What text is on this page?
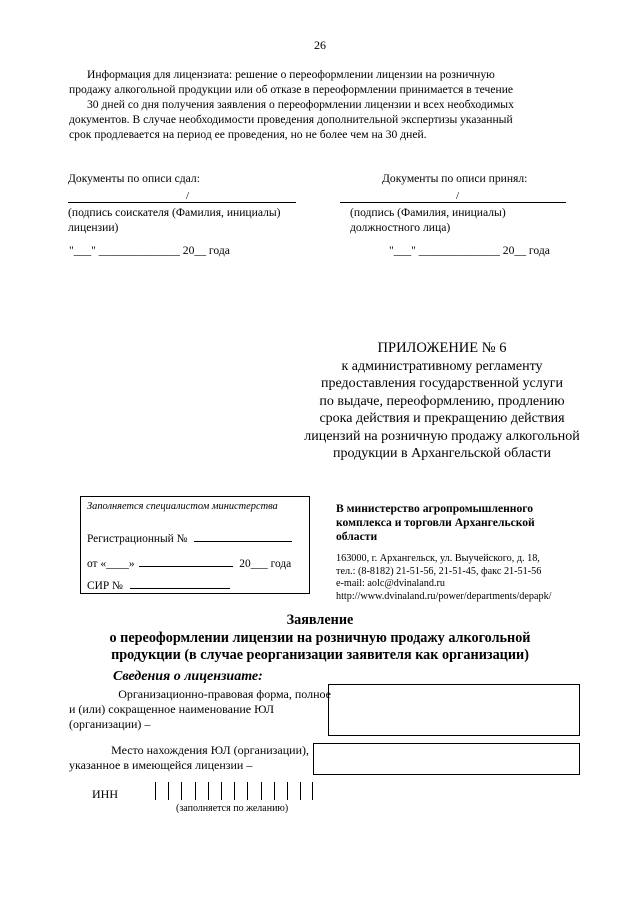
26
Информация для лицензиата: решение о переоформлении лицензии на розничную
продажу алкогольной продукции или об отказе в переоформлении принимается в течение
30 дней со дня получения заявления о переоформлении лицензии и всех необходимых
документов. В случае необходимости проведения дополнительной экспертизы указанный
срок продлевается на период ее проведения, но не более чем на 30 дней.
Документы по описи сдал:
/
(подпись соискателя (Фамилия, инициалы)
лицензии)
Документы по описи принял:
/
(подпись (Фамилия, инициалы)
должностного лица)
"___" ______________ 20__ года	"___" ______________ 20__ года
ПРИЛОЖЕНИЕ № 6
к административному регламенту
предоставления государственной услуги
по выдаче, переоформлению, продлению
срока действия и прекращению действия
лицензий на розничную продажу алкогольной
продукции в Архангельской области
Заполняется специалистом министерства
Регистрационный №
от «____»	20___ года
СИР №
В министерство агропромышленного
комплекса и торговли Архангельской
области
163000, г. Архангельск, ул. Выучейского, д. 18,
тел.: (8-8182) 21-51-56, 21-51-45, факс 21-51-56
e-mail: aolc@dvinaland.ru
http://www.dvinaland.ru/power/departments/depapk/
Заявление
о переоформлении лицензии на розничную продажу алкогольной
продукции (в случае реорганизации заявителя как организации)
Сведения о лицензиате:
Организационно-правовая форма, полное
и (или) сокращенное наименование ЮЛ
(организации) –
Место нахождения ЮЛ (организации),
указанное в имеющейся лицензии –
ИНН
(заполняется по желанию)
